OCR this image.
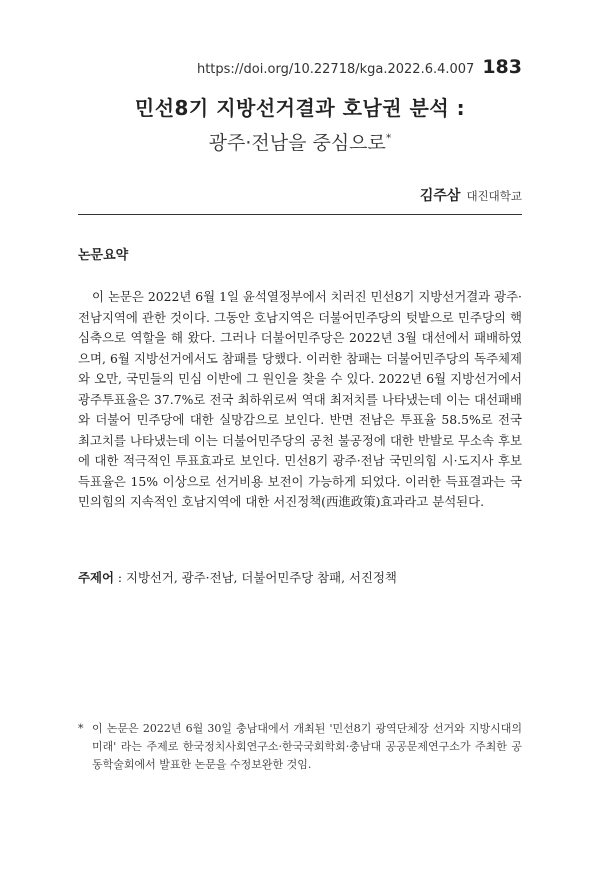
https://doi.org/10.22718/kga.2022.6.4.007 183
민선8기 지방선거결과 호남권 분석 :
광주·전남을 중심으로*
김주삼 대진대학교
논문요약

이 논문은 2022년 6월 1일 윤석열정부에서 치러진 민선8기 지방선거결과 광주·전남지역에 관한 것이다. 그동안 호남지역은 더불어민주당의 텃밭으로 민주당의 핵심축으로 역할을 해 왔다. 그러나 더불어민주당은 2022년 3월 대선에서 패배하였으며, 6월 지방선거에서도 참패를 당했다. 이러한 참패는 더불어민주당의 독주체제와 오만, 국민들의 민심 이반에 그 원인을 찾을 수 있다. 2022년 6월 지방선거에서 광주투표율은 37.7%로 전국 최하위로써 역대 최저치를 나타냈는데 이는 대선패배와 더불어 민주당에 대한 실망감으로 보인다. 반면 전남은 투표율 58.5%로 전국 최고치를 나타냈는데 이는 더불어민주당의 공천 불공정에 대한 반발로 무소속 후보에 대한 적극적인 투표효과로 보인다. 민선8기 광주·전남 국민의힘 시·도지사 후보 득표율은 15% 이상으로 선거비용 보전이 가능하게 되었다. 이러한 득표결과는 국민의힘의 지속적인 호남지역에 대한 서진정책(西進政策)효과라고 분석된다.

주제어 : 지방선거, 광주·전남, 더불어민주당 참패, 서진정책
* 이 논문은 2022년 6월 30일 충남대에서 개최된 '민선8기 광역단체장 선거와 지방시대의 미래' 라는 주제로 한국정치사회연구소·한국국회학회·충남대 공공문제연구소가 주최한 공동학술회에서 발표한 논문을 수정보완한 것임.
